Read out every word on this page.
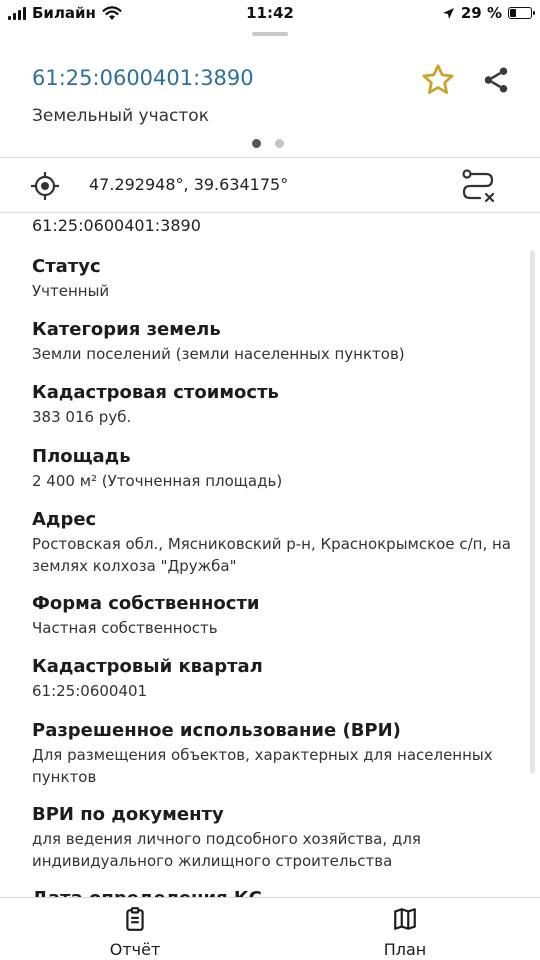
Билайн	11:42	29 %
61:25:0600401:3890
Земельный участок
47.292948°, 39.634175°
61:25:0600401:3890
Статус
Учтенный
Категория земель
Земли поселений (земли населенных пунктов)
Кадастровая стоимость
383 016 руб.
Площадь
2 400 м² (Уточненная площадь)
Адрес
Ростовская обл., Мясниковский р-н, Краснокрымское с/п, на землях колхоза "Дружба"
Форма собственности
Частная собственность
Кадастровый квартал
61:25:0600401
Разрешенное использование (ВРИ)
Для размещения объектов, характерных для населенных пунктов
ВРИ по документу
для ведения личного подсобного хозяйства, для индивидуального жилищного строительства
Отчёт	План
